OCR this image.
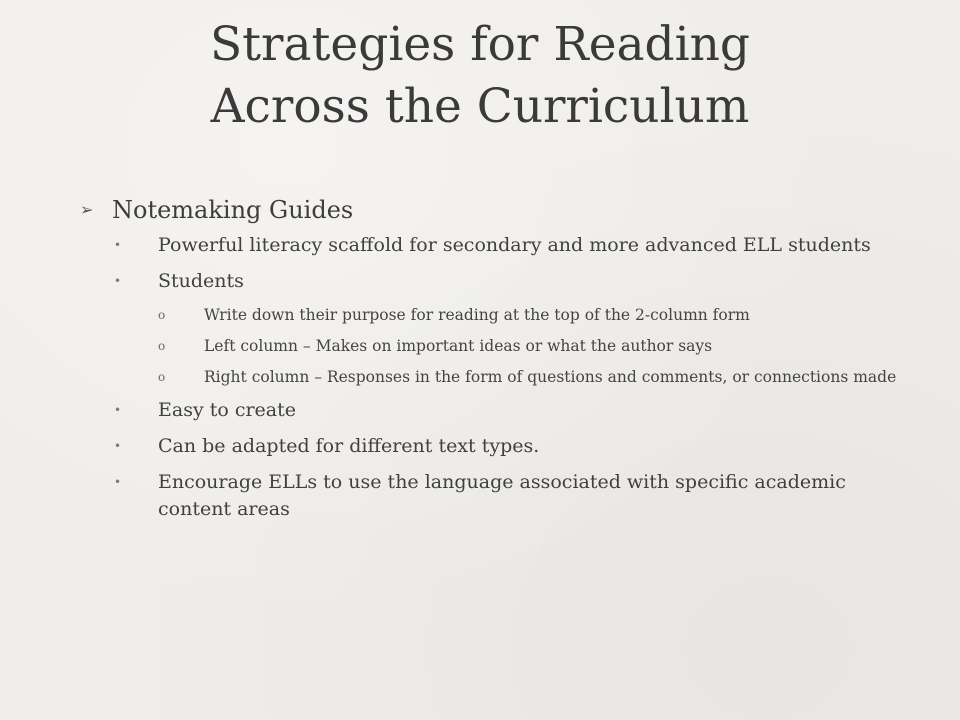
Strategies for Reading
Across the Curriculum
➢ Notemaking Guides
• Powerful literacy scaffold for secondary and more advanced ELL students
• Students
o	Write down their purpose for reading at the top of the 2-column form
o	Left column – Makes on important ideas or what the author says
o	Right column – Responses in the form of questions and comments, or connections made
• Easy to create
• Can be adapted for different text types.
• Encourage ELLs to use the language associated with specific academic content areas
